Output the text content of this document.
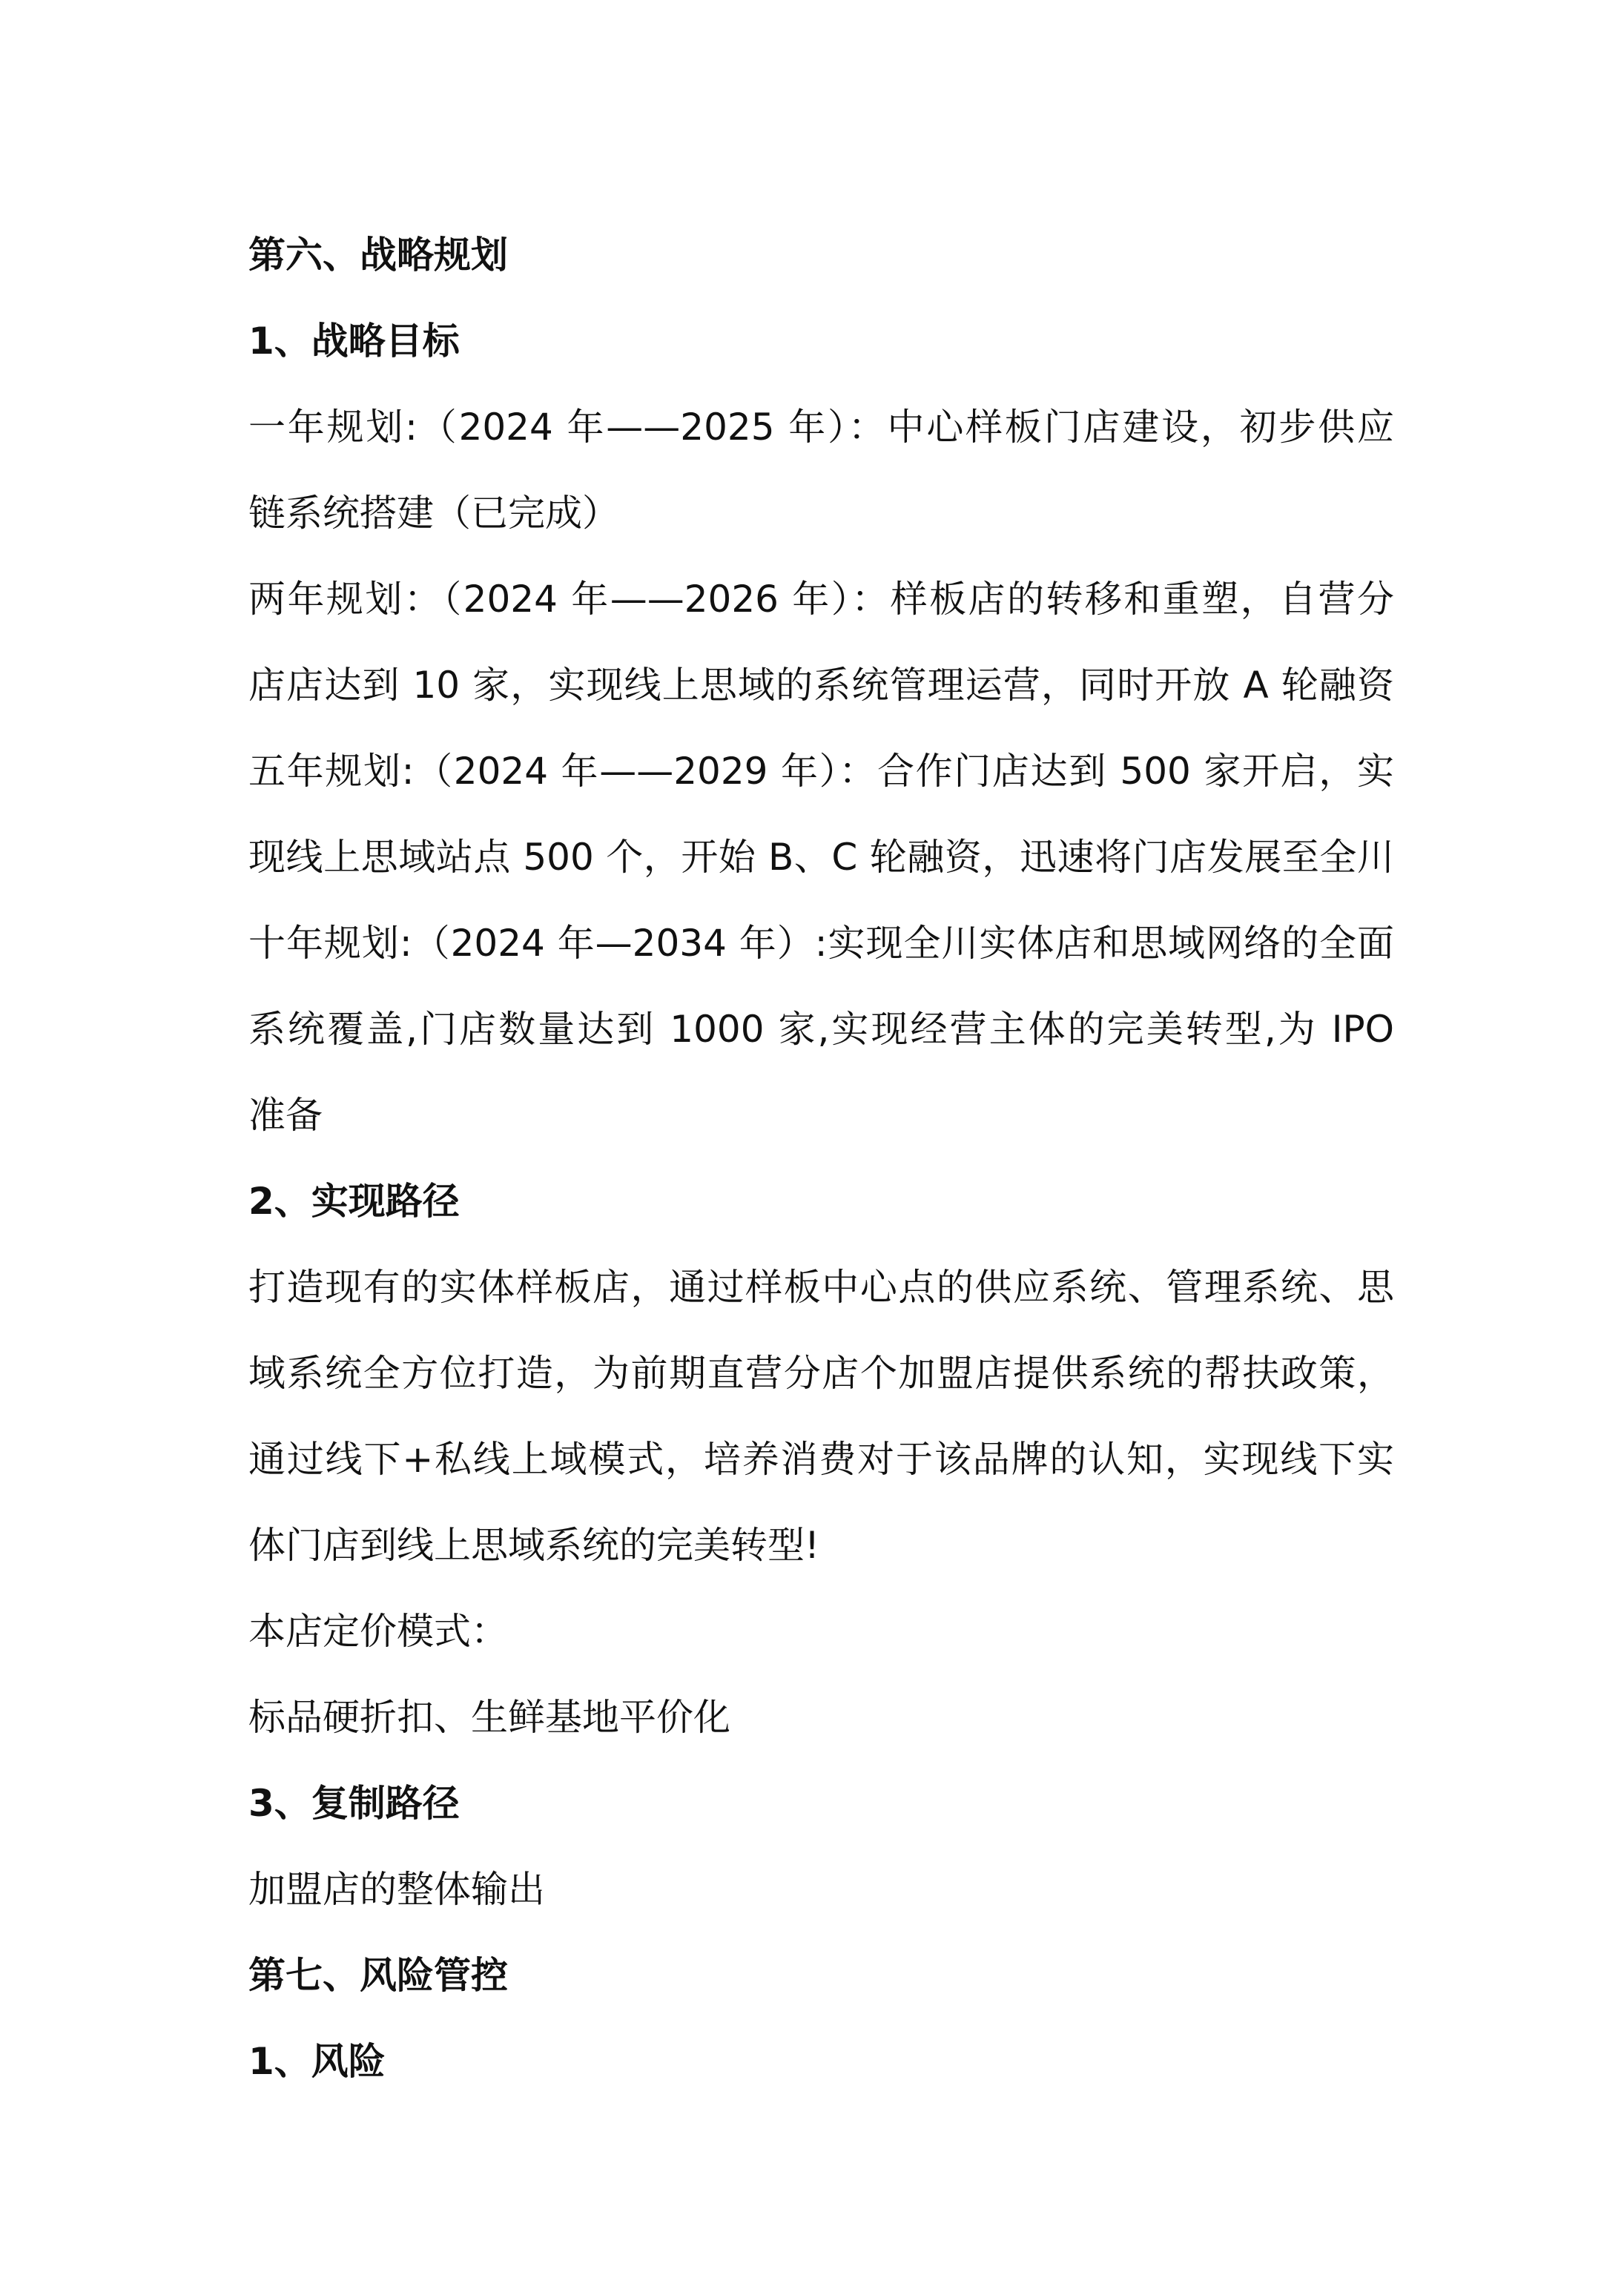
第六、战略规划

1、战略目标

一年规划:（2024 年——2025 年）：中心样板门店建设，初步供应

链系统搭建（已完成）

两年规划：（2024 年——2026 年）：样板店的转移和重塑，自营分

店店达到 10 家，实现线上思域的系统管理运营，同时开放 A 轮融资

五年规划:（2024 年——2029 年）：合作门店达到 500 家开启，实

现线上思域站点 500 个，开始 B、C 轮融资，迅速将门店发展至全川

十年规划:（2024 年—2034 年）:实现全川实体店和思域网络的全面

系统覆盖,门店数量达到 1000 家,实现经营主体的完美转型,为 IPO

准备

2、实现路径

打造现有的实体样板店，通过样板中心点的供应系统、管理系统、思

域系统全方位打造，为前期直营分店个加盟店提供系统的帮扶政策，

通过线下+私线上域模式，培养消费对于该品牌的认知，实现线下实

体门店到线上思域系统的完美转型!

本店定价模式：

标品硬折扣、生鲜基地平价化

3、复制路径

加盟店的整体输出

第七、风险管控

1、风险
